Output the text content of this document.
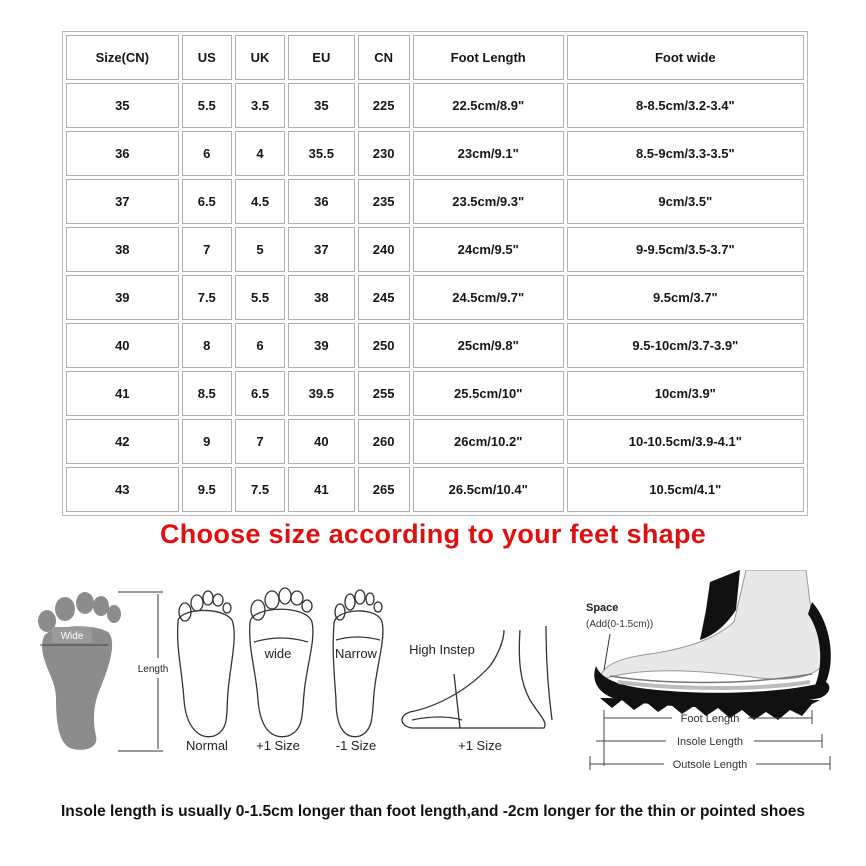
Size(CN)	US	UK	EU	CN	Foot Length	Foot wide
35	5.5	3.5	35	225	22.5cm/8.9"	8-8.5cm/3.2-3.4"
36	6	4	35.5	230	23cm/9.1"	8.5-9cm/3.3-3.5"
37	6.5	4.5	36	235	23.5cm/9.3"	9cm/3.5"
38	7	5	37	240	24cm/9.5"	9-9.5cm/3.5-3.7"
39	7.5	5.5	38	245	24.5cm/9.7"	9.5cm/3.7"
40	8	6	39	250	25cm/9.8"	9.5-10cm/3.7-3.9"
41	8.5	6.5	39.5	255	25.5cm/10"	10cm/3.9"
42	9	7	40	260	26cm/10.2"	10-10.5cm/3.9-4.1"
43	9.5	7.5	41	265	26.5cm/10.4"	10.5cm/4.1"
Choose size according to your feet shape
Wide
Length
Normal
wide
+1 Size
Narrow
-1 Size
High Instep
+1 Size
Space
(Add(0-1.5cm))
Foot Length
Insole Length
Outsole Length
Insole length is usually 0-1.5cm longer than foot length,and -2cm longer for the thin or pointed shoes
